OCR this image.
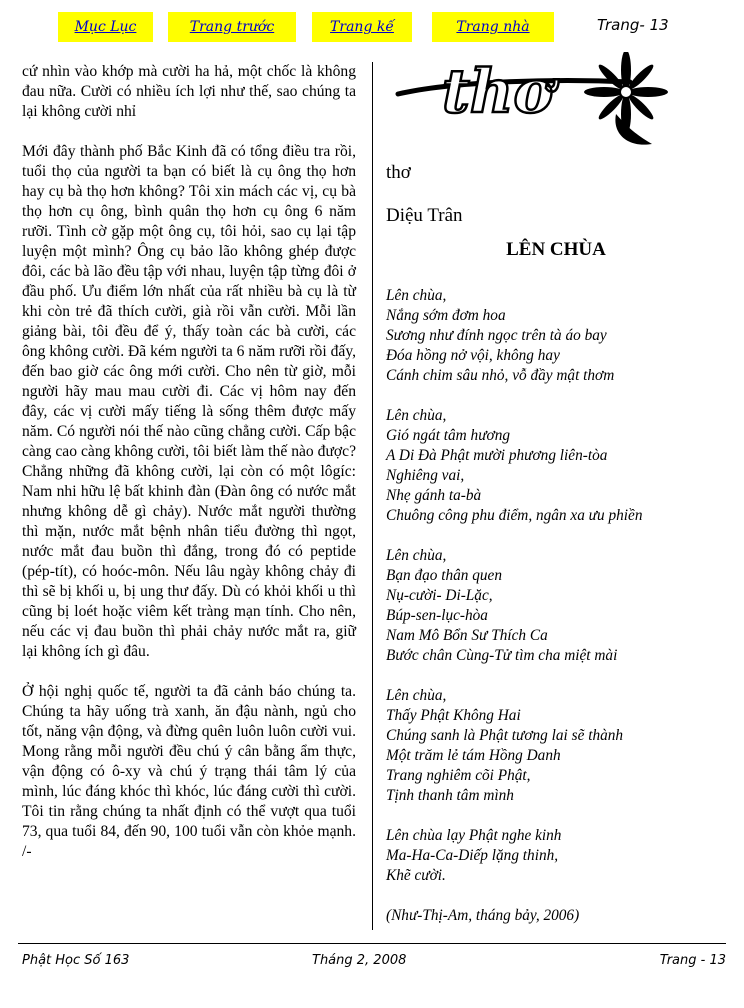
Mục Lục	Trang trước	Trang kế	Trang nhà	Trang- 13

cứ nhìn vào khớp mà cười ha hả, một chốc là không đau nữa. Cười có nhiều ích lợi như thế, sao chúng ta lại không cười nhỉ

Mới đây thành phố Bắc Kinh đã có tổng điều tra rồi, tuổi thọ của người ta bạn có biết là cụ ông thọ hơn hay cụ bà thọ hơn không? Tôi xin mách các vị, cụ bà thọ hơn cụ ông, bình quân thọ hơn cụ ông 6 năm rưỡi. Tình cờ gặp một ông cụ, tôi hỏi, sao cụ lại tập luyện một mình? Ông cụ bảo lão không ghép được đôi, các bà lão đều tập với nhau, luyện tập từng đôi ở đầu phố. Ưu điểm lớn nhất của rất nhiều bà cụ là từ khi còn trẻ đã thích cười, già rồi vẫn cười. Mỗi lần giảng bài, tôi đều để ý, thấy toàn các bà cười, các ông không cười. Đã kém người ta 6 năm rưỡi rồi đấy, đến bao giờ các ông mới cười. Cho nên từ giờ, mỗi người hãy mau mau cười đi. Các vị hôm nay đến đây, các vị cười mấy tiếng là sống thêm được mấy năm. Có người nói thế nào cũng chẳng cười. Cấp bậc càng cao càng không cười, tôi biết làm thế nào được? Chẳng những đã không cười, lại còn có một lôgíc: Nam nhi hữu lệ bất khinh đàn (Đàn ông có nước mắt nhưng không dễ gì chảy). Nước mắt người thường thì mặn, nước mắt bệnh nhân tiểu đường thì ngọt, nước mắt đau buồn thì đắng, trong đó có peptide (pép-tít), có hoóc-môn. Nếu lâu ngày không chảy đi thì sẽ bị khối u, bị ung thư đấy. Dù có khỏi khối u thì cũng bị loét hoặc viêm kết tràng mạn tính. Cho nên, nếu các vị đau buồn thì phải chảy nước mắt ra, giữ lại không ích gì đâu.

Ở hội nghị quốc tế, người ta đã cảnh báo chúng ta. Chúng ta hãy uống trà xanh, ăn đậu nành, ngủ cho tốt, năng vận động, và đừng quên luôn luôn cười vui. Mong rằng mỗi người đều chú ý cân bằng ẩm thực, vận động có ô-xy và chú ý trạng thái tâm lý của mình, lúc đáng khóc thì khóc, lúc đáng cười thì cười. Tôi tin rằng chúng ta nhất định có thể vượt qua tuổi 73, qua tuổi 84, đến 90, 100 tuổi vẫn còn khỏe mạnh. /-

thơ
thơ
Diệu Trân
LÊN CHÙA
Lên chùa,
Nắng sớm đơm hoa
Sương như đính ngọc trên tà áo bay
Đóa hồng nở vội, không hay
Cánh chim sâu nhỏ, vỗ đầy mật thơm
Lên chùa,
Gió ngát tâm hương
A Di Đà Phật mười phương liên-tòa
Nghiêng vai,
Nhẹ gánh ta-bà
Chuông công phu điểm, ngân xa ưu phiền
Lên chùa,
Bạn đạo thân quen
Nụ-cười- Di-Lặc,
Búp-sen-lục-hòa
Nam Mô Bổn Sư Thích Ca
Bước chân Cùng-Tử tìm cha miệt mài
Lên chùa,
Thấy Phật Không Hai
Chúng sanh là Phật tương lai sẽ thành
Một trăm lẻ tám Hồng Danh
Trang nghiêm cõi Phật,
Tịnh thanh tâm mình
Lên chùa lạy Phật nghe kinh
Ma-Ha-Ca-Diếp lặng thinh,
Khẽ cười.
(Như-Thị-Am, tháng bảy, 2006)
Phật Học Số 163	Tháng 2, 2008	Trang - 13
